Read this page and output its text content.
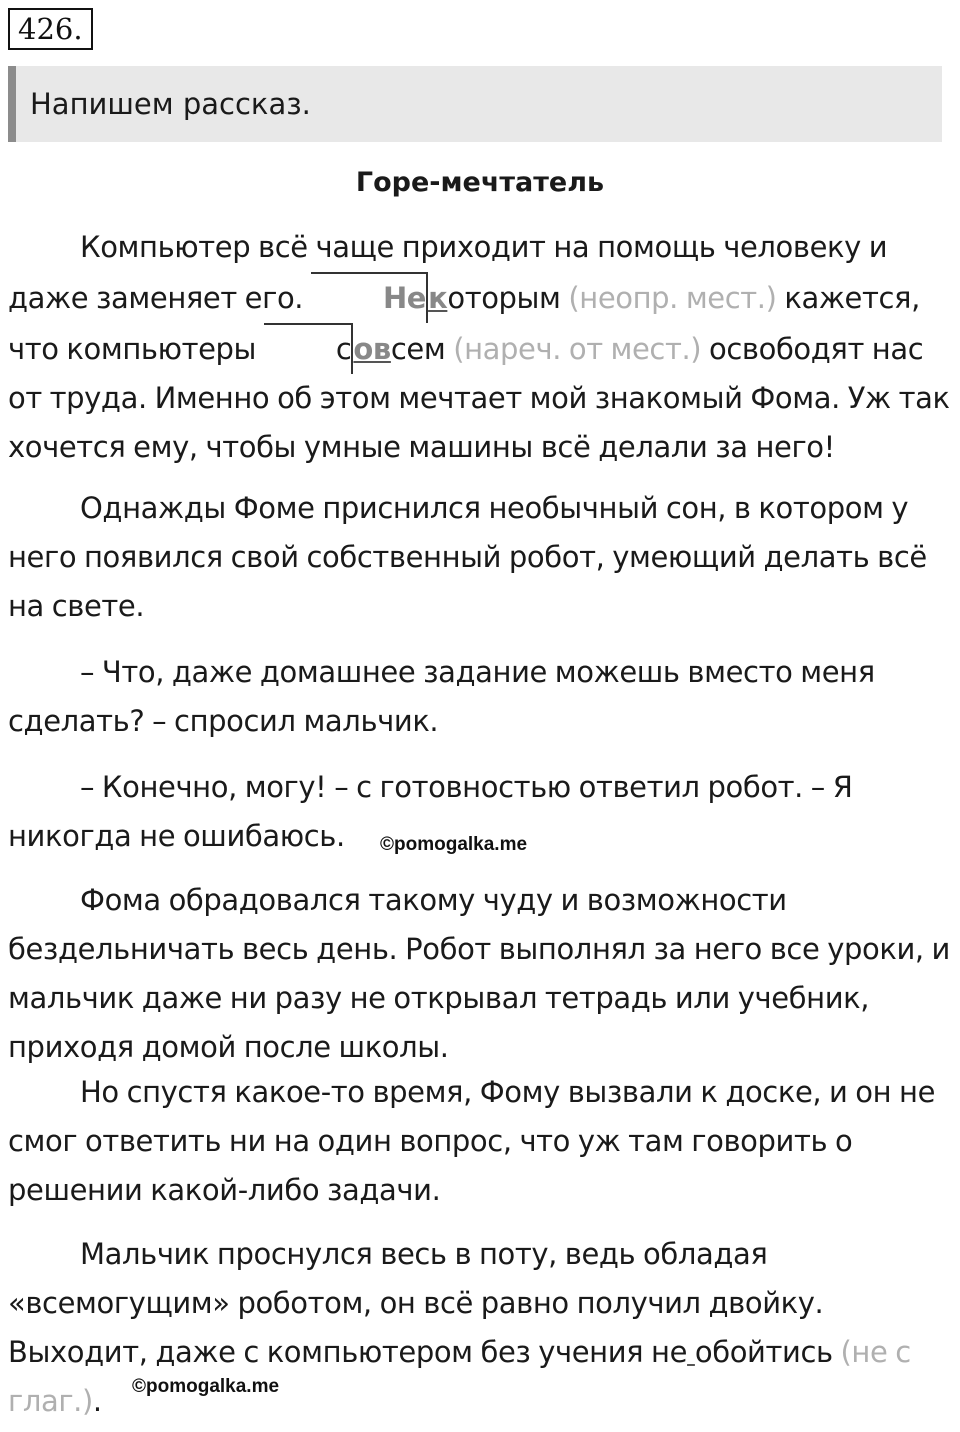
426.
Напишем рассказ.
Горе-мечтатель

Компьютер всё чаще приходит на помощь человеку и даже заменяет его. Некоторым (неопр. мест.) кажется, что компьютеры совсем (нареч. от мест.) освободят нас от труда. Именно об этом мечтает мой знакомый Фома. Уж так хочется ему, чтобы умные машины всё делали за него!

Однажды Фоме приснился необычный сон, в котором у него появился свой собственный робот, умеющий делать всё на свете.

– Что, даже домашнее задание можешь вместо меня сделать? – спросил мальчик.

– Конечно, могу! – с готовностью ответил робот. – Я никогда не ошибаюсь.	©pomogalka.me

Фома обрадовался такому чуду и возможности бездельничать весь день. Робот выполнял за него все уроки, и мальчик даже ни разу не открывал тетрадь или учебник, приходя домой после школы.

Но спустя какое-то время, Фому вызвали к доске, и он не смог ответить ни на один вопрос, что уж там говорить о решении какой-либо задачи.

Мальчик проснулся весь в поту, ведь обладая «всемогущим» роботом, он всё равно получил двойку. Выходит, даже с компьютером без учения не обойтись (не с глаг.).	©pomogalka.me
